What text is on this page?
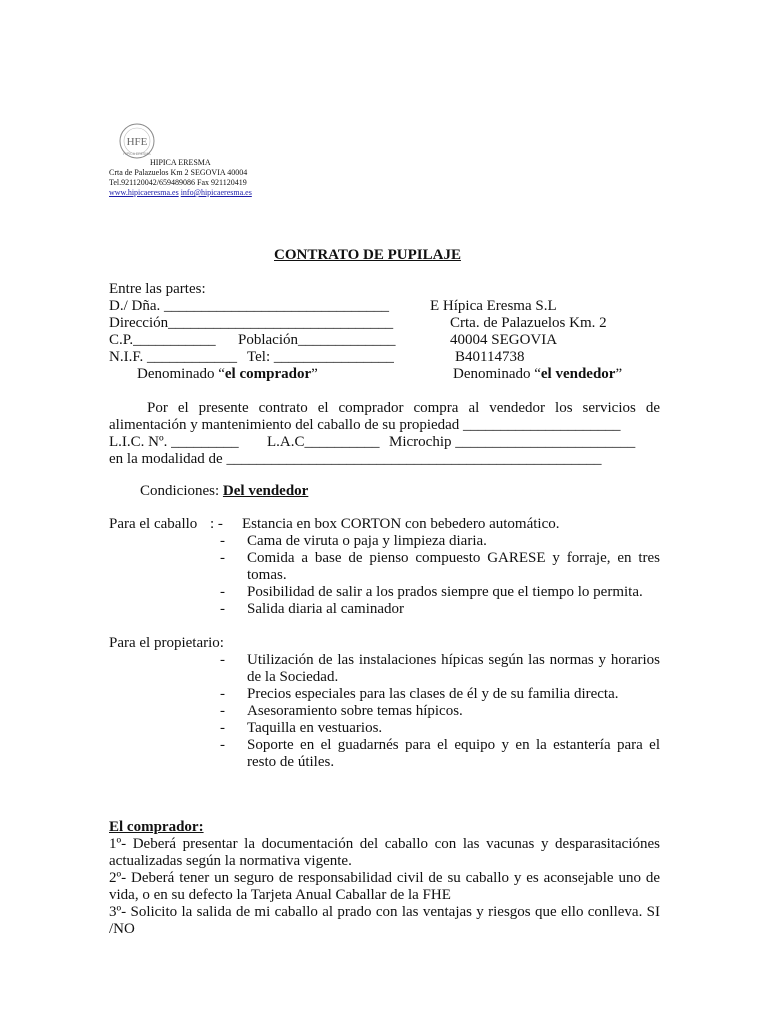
HFE
HIPICA ERESMA
HIPICA ERESMA
Crta de Palazuelos Km 2 SEGOVIA 40004
Tel.921120042/659489086 Fax 921120419
www.hipicaeresma.es info@hipicaeresma.es
CONTRATO DE PUPILAJE
Entre las partes:
D./ Dña. ______________________________
Dirección______________________________
C.P.___________ Población_____________
N.I.F. ____________ Tel: ________________
Denominado “el comprador”
E Hípica Eresma S.L
Crta. de Palazuelos Km. 2
40004 SEGOVIA
B40114738
Denominado “el vendedor”
Por el presente contrato el comprador compra al vendedor los servicios de
alimentación y mantenimiento del caballo de su propiedad _____________________
L.I.C. Nº. _________ L.A.C__________ Microchip ________________________
en la modalidad de __________________________________________________
Condiciones: Del vendedor
Para el caballo : - Estancia en box CORTON con bebedero automático.
- Cama de viruta o paja y limpieza diaria.
- Comida a base de pienso compuesto GARESE y forraje, en tres tomas.
- Posibilidad de salir a los prados siempre que el tiempo lo permita.
- Salida diaria al caminador
Para el propietario:
- Utilización de las instalaciones hípicas según las normas y horarios de la Sociedad.
- Precios especiales para las clases de él y de su familia directa.
- Asesoramiento sobre temas hípicos.
- Taquilla en vestuarios.
- Soporte en el guadarnés para el equipo y en la estantería para el resto de útiles.
El comprador:
1º- Deberá presentar la documentación del caballo con las vacunas y desparasitaciónes actualizadas según la normativa vigente.
2º- Deberá tener un seguro de responsabilidad civil de su caballo y es aconsejable uno de vida, o en su defecto la Tarjeta Anual Caballar de la FHE
3º- Solicito la salida de mi caballo al prado con las ventajas y riesgos que ello conlleva. SI /NO
